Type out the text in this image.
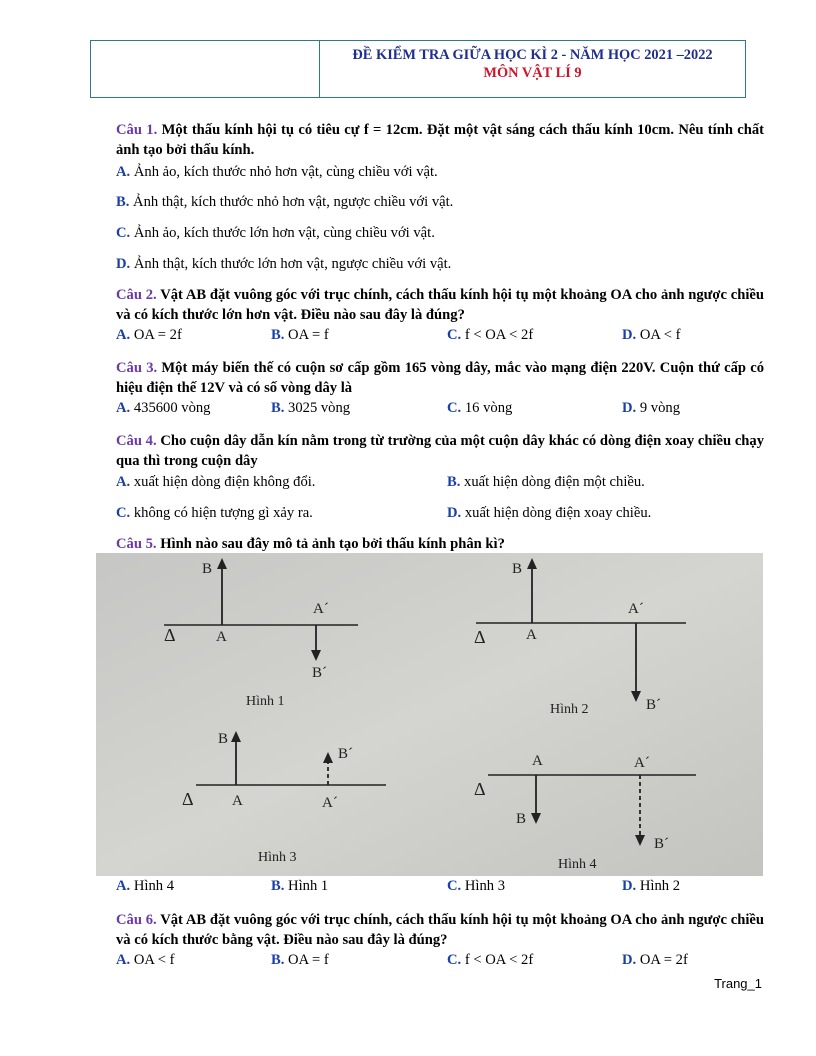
ĐỀ KIỂM TRA GIỮA HỌC KÌ 2 - NĂM HỌC 2021 –2022
MÔN VẬT LÍ 9
Câu 1. Một thấu kính hội tụ có tiêu cự f = 12cm. Đặt một vật sáng cách thấu kính 10cm. Nêu tính chất ảnh tạo bởi thấu kính.
A. Ảnh ảo, kích thước nhỏ hơn vật, cùng chiều với vật.
B. Ảnh thật, kích thước nhỏ hơn vật, ngược chiều với vật.
C. Ảnh ảo, kích thước lớn hơn vật, cùng chiều với vật.
D. Ảnh thật, kích thước lớn hơn vật, ngược chiều với vật.
Câu 2. Vật AB đặt vuông góc với trục chính, cách thấu kính hội tụ một khoảng OA cho ảnh ngược chiều và có kích thước lớn hơn vật. Điều nào sau đây là đúng?
A. OA = 2f	B. OA = f	C. f < OA < 2f	D. OA < f
Câu 3. Một máy biến thế có cuộn sơ cấp gồm 165 vòng dây, mắc vào mạng điện 220V. Cuộn thứ cấp có hiệu điện thế 12V và có số vòng dây là
A. 435600 vòng	B. 3025 vòng	C. 16 vòng	D. 9 vòng
Câu 4. Cho cuộn dây dẫn kín nằm trong từ trường của một cuộn dây khác có dòng điện xoay chiều chạy qua thì trong cuộn dây
A. xuất hiện dòng điện không đổi.	B. xuất hiện dòng điện một chiều.
C. không có hiện tượng gì xảy ra.	D. xuất hiện dòng điện xoay chiều.
Câu 5. Hình nào sau đây mô tả ảnh tạo bởi thấu kính phân kì?
B
A´
Δ	A
B´
Hình 1
B
A´
Δ	A
B´
Hình 2
B
B´
Δ	A	A´
Hình 3
A	A´
Δ
B
B´
Hình 4
A. Hình 4	B. Hình 1	C. Hình 3	D. Hình 2
Câu 6. Vật AB đặt vuông góc với trục chính, cách thấu kính hội tụ một khoảng OA cho ảnh ngược chiều và có kích thước bằng vật. Điều nào sau đây là đúng?
A. OA < f	B. OA = f	C. f < OA < 2f	D. OA = 2f
Trang_1
